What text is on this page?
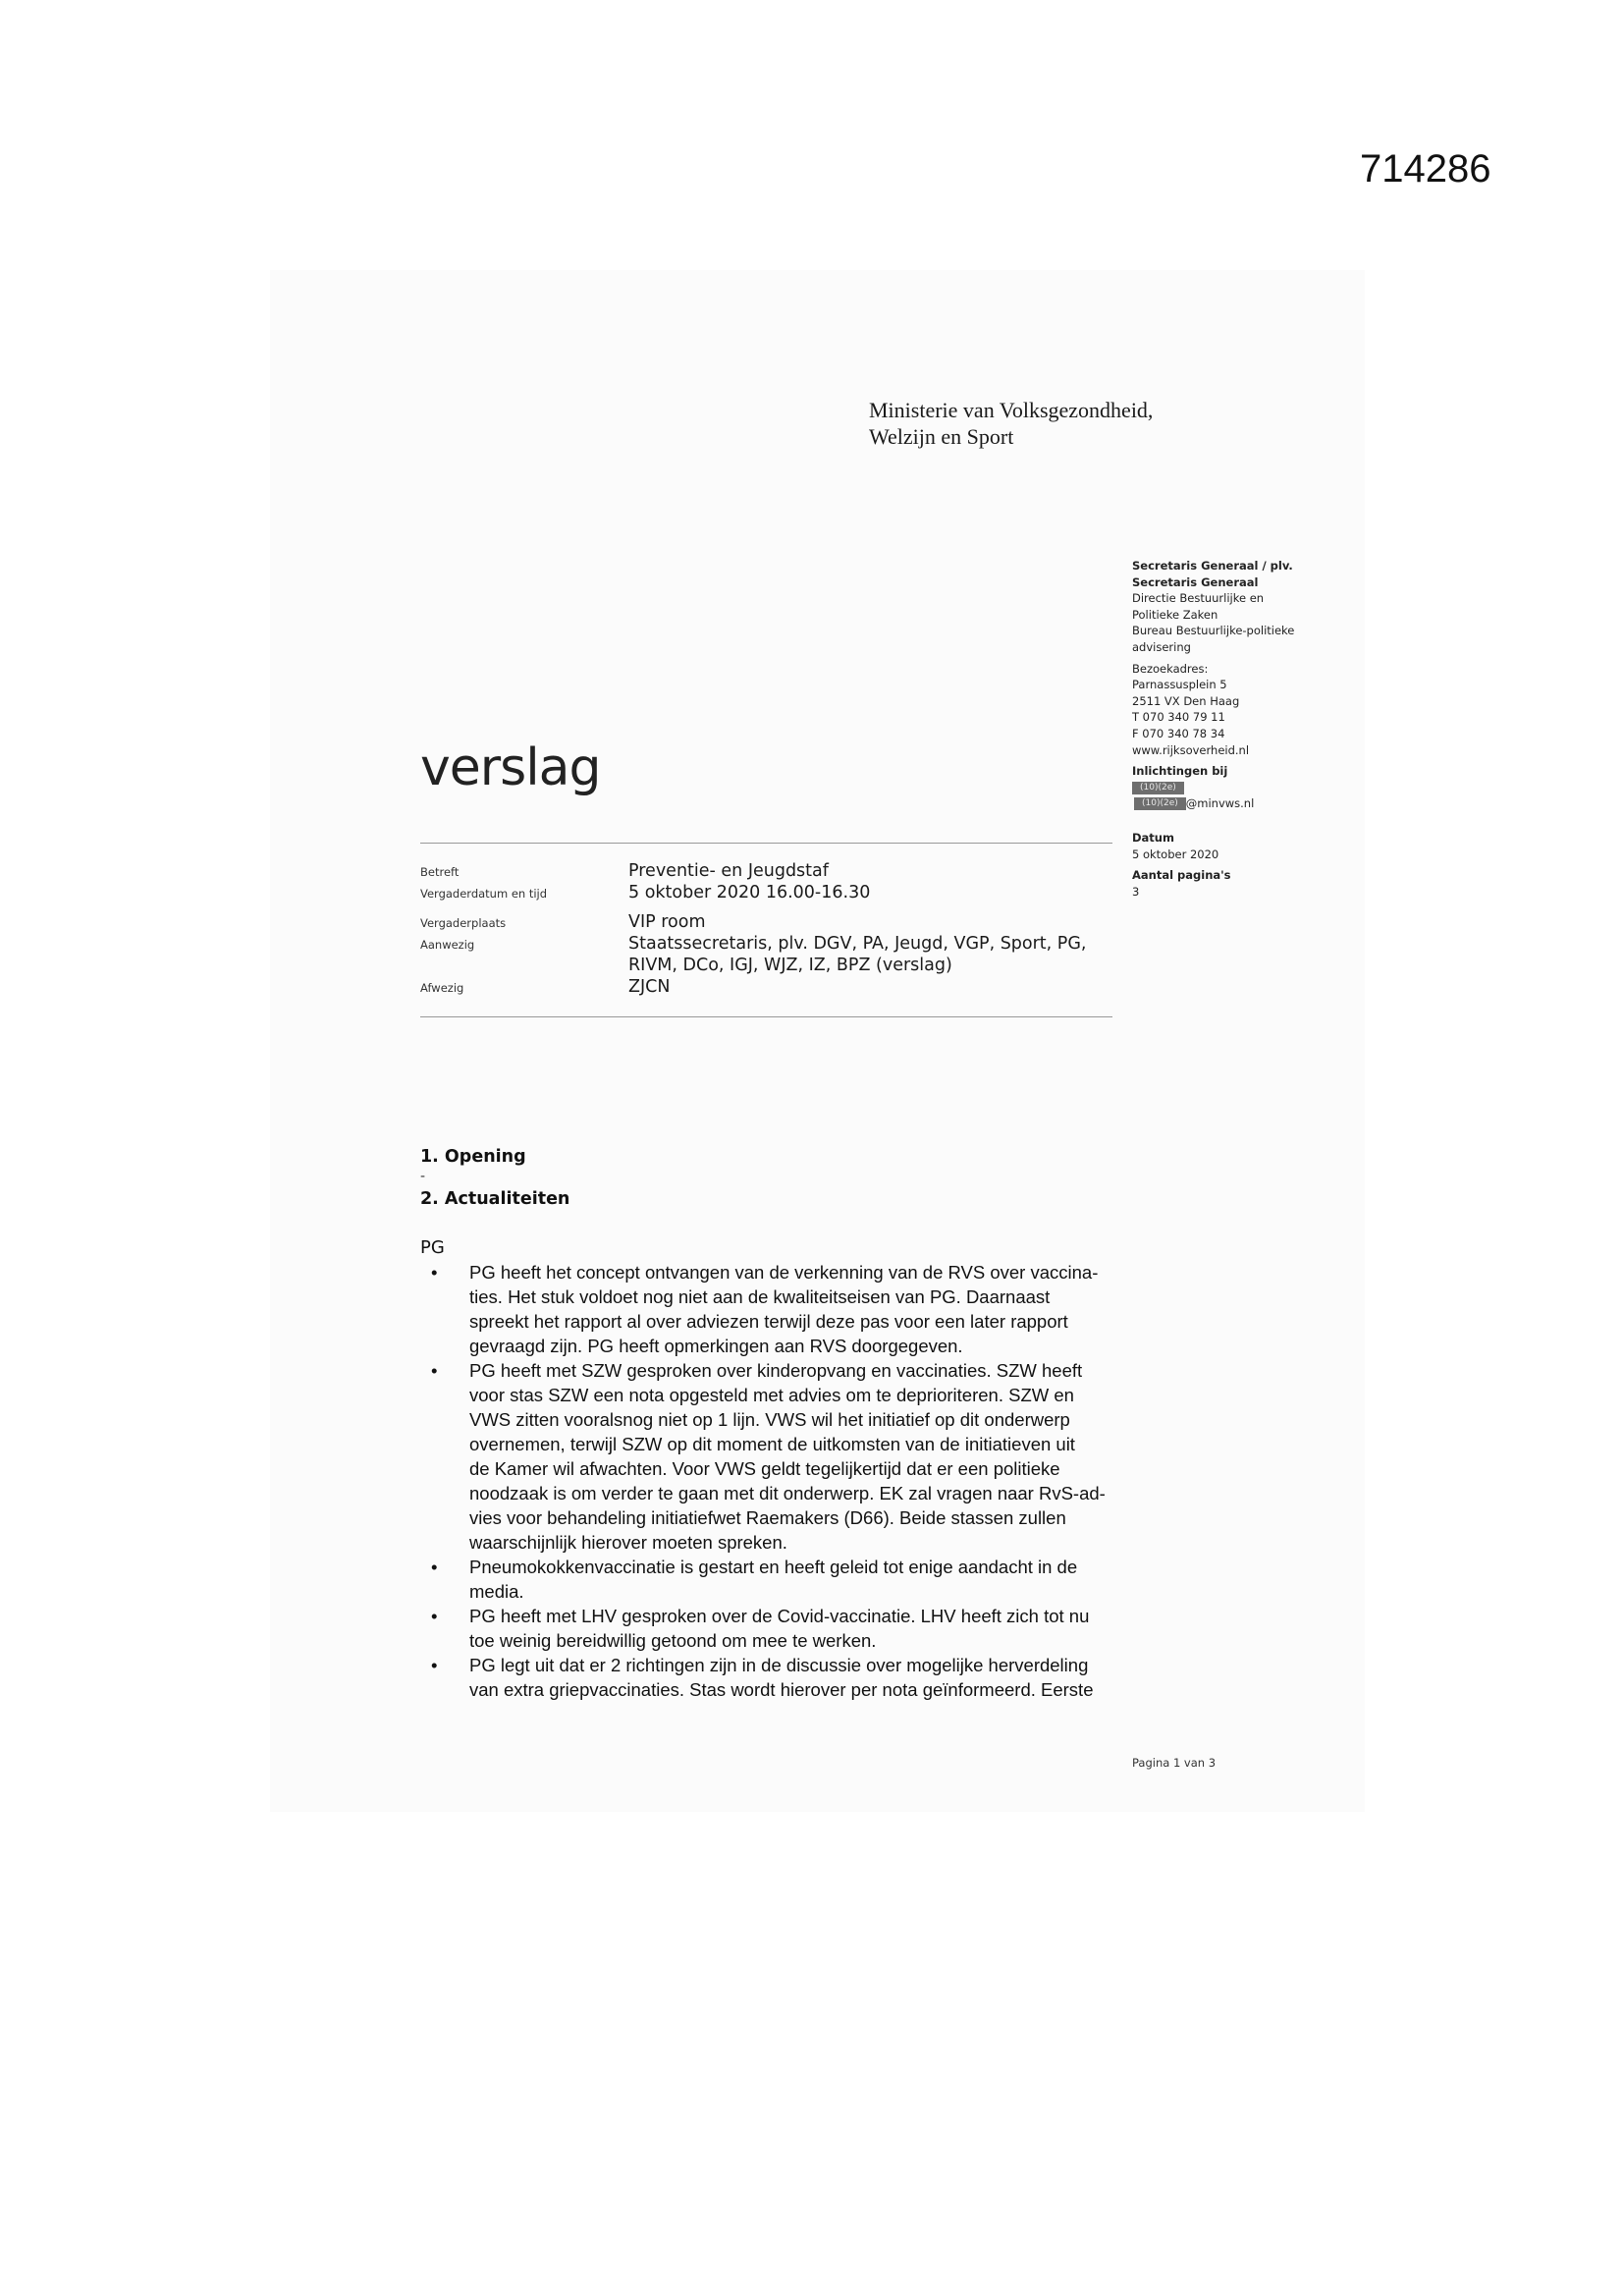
714286
Ministerie van Volksgezondheid,
Welzijn en Sport
Secretaris Generaal / plv.
Secretaris Generaal
Directie Bestuurlijke en
Politieke Zaken
Bureau Bestuurlijke-politieke
advisering
Bezoekadres:
Parnassusplein 5
2511 VX Den Haag
T 070 340 79 11
F 070 340 78 34
www.rijksoverheid.nl
Inlichtingen bij
(10)(2e)
(10)(2e) @minvws.nl
Datum
5 oktober 2020
Aantal pagina's
3
verslag
Betreft	Preventie- en Jeugdstaf
Vergaderdatum en tijd	5 oktober 2020 16.00-16.30
Vergaderplaats	VIP room
Aanwezig	Staatssecretaris, plv. DGV, PA, Jeugd, VGP, Sport, PG,
RIVM, DCo, IGJ, WJZ, IZ, BPZ (verslag)
Afwezig	ZJCN
1. Opening
-
2. Actualiteiten
PG
• PG heeft het concept ontvangen van de verkenning van de RVS over vaccina-
ties. Het stuk voldoet nog niet aan de kwaliteitseisen van PG. Daarnaast
spreekt het rapport al over adviezen terwijl deze pas voor een later rapport
gevraagd zijn. PG heeft opmerkingen aan RVS doorgegeven.
• PG heeft met SZW gesproken over kinderopvang en vaccinaties. SZW heeft
voor stas SZW een nota opgesteld met advies om te deprioriteren. SZW en
VWS zitten vooralsnog niet op 1 lijn. VWS wil het initiatief op dit onderwerp
overnemen, terwijl SZW op dit moment de uitkomsten van de initiatieven uit
de Kamer wil afwachten. Voor VWS geldt tegelijkertijd dat er een politieke
noodzaak is om verder te gaan met dit onderwerp. EK zal vragen naar RvS-ad-
vies voor behandeling initiatiefwet Raemakers (D66). Beide stassen zullen
waarschijnlijk hierover moeten spreken.
• Pneumokokkenvaccinatie is gestart en heeft geleid tot enige aandacht in de
media.
• PG heeft met LHV gesproken over de Covid-vaccinatie. LHV heeft zich tot nu
toe weinig bereidwillig getoond om mee te werken.
• PG legt uit dat er 2 richtingen zijn in de discussie over mogelijke herverdeling
van extra griepvaccinaties. Stas wordt hierover per nota geïnformeerd. Eerste
Pagina 1 van 3
